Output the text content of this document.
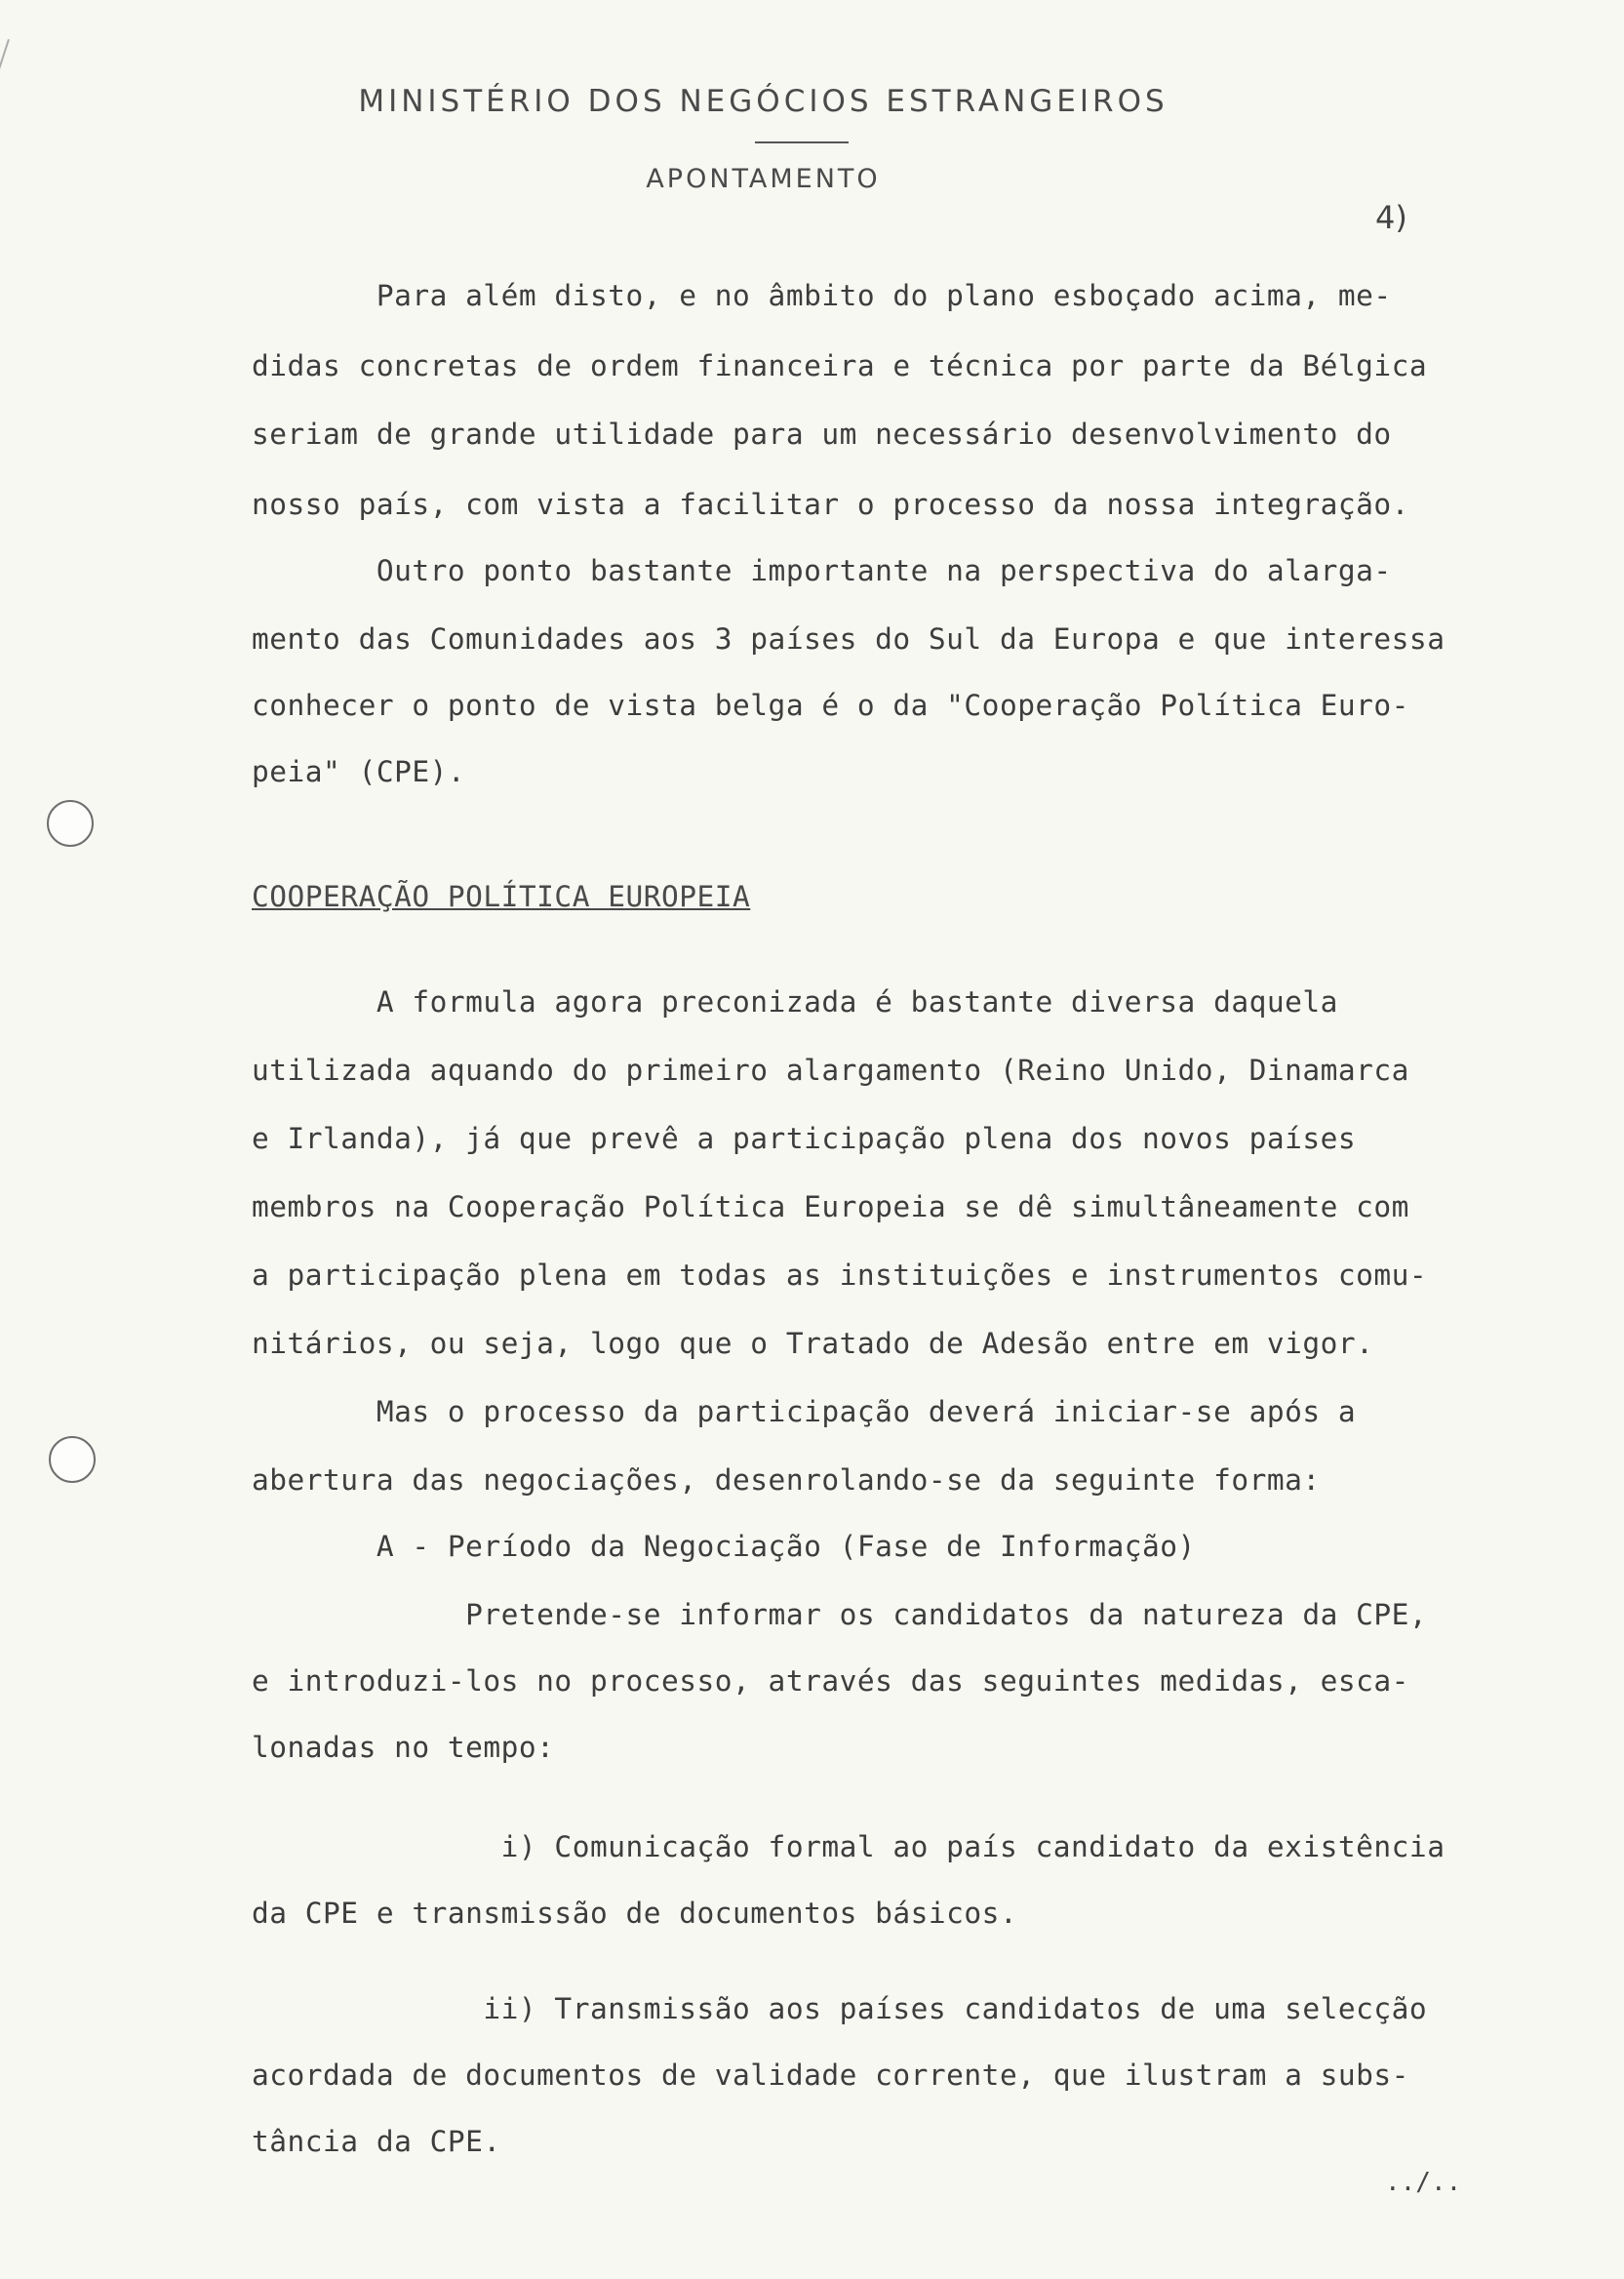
MINISTÉRIO DOS NEGÓCIOS ESTRANGEIROS
APONTAMENTO
4)
Para além disto, e no âmbito do plano esboçado acima, me-
didas concretas de ordem financeira e técnica por parte da Bélgica
seriam de grande utilidade para um necessário desenvolvimento do
nosso país, com vista a facilitar o processo da nossa integração.
Outro ponto bastante importante na perspectiva do alarga-
mento das Comunidades aos 3 países do Sul da Europa e que interessa
conhecer o ponto de vista belga é o da "Cooperação Política Euro-
peia" (CPE).
COOPERAÇÃO POLÍTICA EUROPEIA
A formula agora preconizada é bastante diversa daquela
utilizada aquando do primeiro alargamento (Reino Unido, Dinamarca
e Irlanda), já que prevê a participação plena dos novos países
membros na Cooperação Política Europeia se dê simultâneamente com
a participação plena em todas as instituições e instrumentos comu-
nitários, ou seja, logo que o Tratado de Adesão entre em vigor.
Mas o processo da participação deverá iniciar-se após a
abertura das negociações, desenrolando-se da seguinte forma:
A - Período da Negociação (Fase de Informação)
Pretende-se informar os candidatos da natureza da CPE,
e introduzi-los no processo, através das seguintes medidas, esca-
lonadas no tempo:
i) Comunicação formal ao país candidato da existência
da CPE e transmissão de documentos básicos.
ii) Transmissão aos países candidatos de uma selecção
acordada de documentos de validade corrente, que ilustram a subs-
tância da CPE.
../..
